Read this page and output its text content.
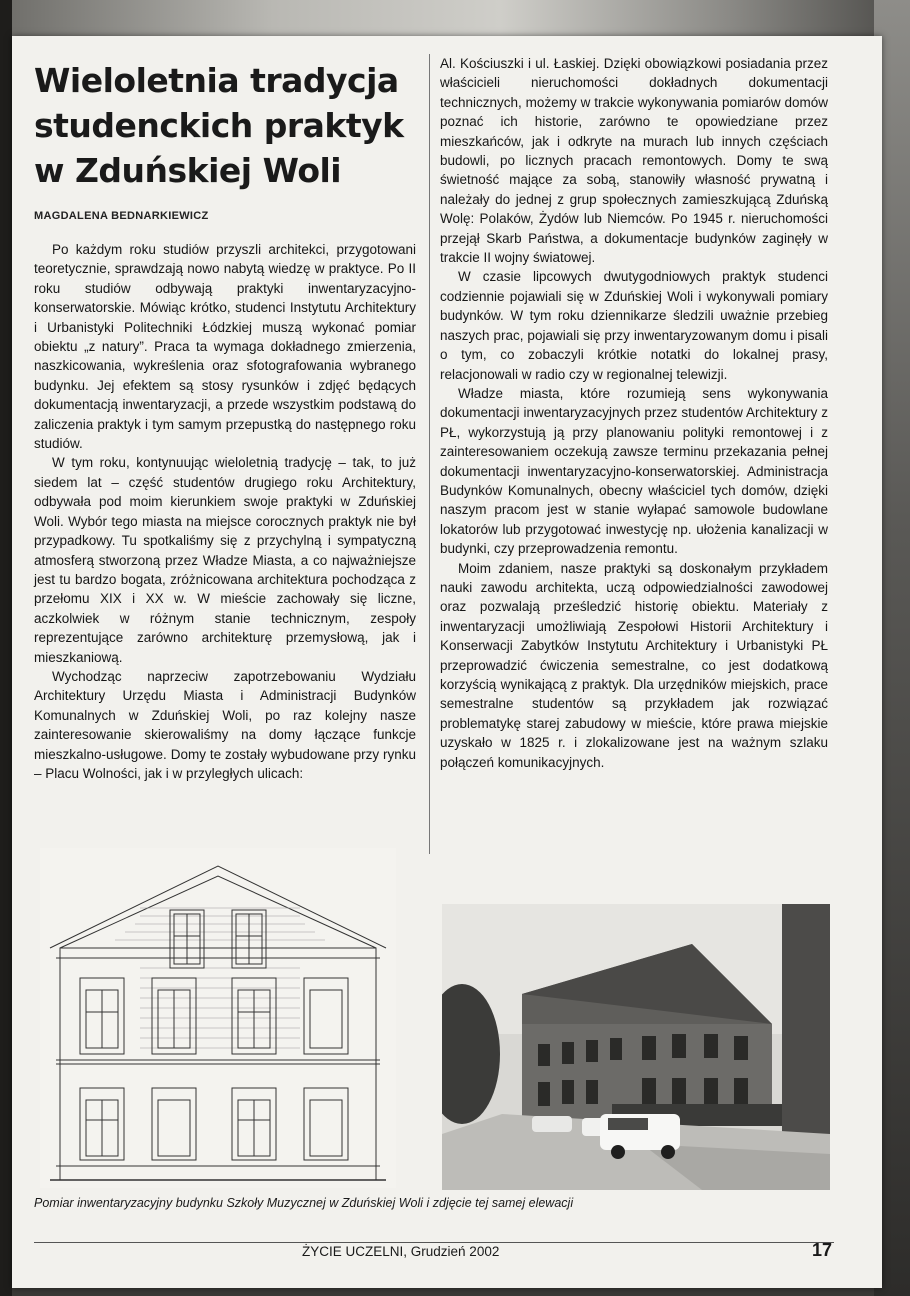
Wieloletnia tradycja studenckich praktyk w Zduńskiej Woli

MAGDALENA BEDNARKIEWICZ

Po każdym roku studiów przyszli architekci, przygotowani teoretycznie, sprawdzają nowo nabytą wiedzę w praktyce. Po II roku studiów odbywają praktyki inwentaryzacyjno-konserwatorskie. Mówiąc krótko, studenci Instytutu Architektury i Urbanistyki Politechniki Łódzkiej muszą wykonać pomiar obiektu „z natury”. Praca ta wymaga dokładnego zmierzenia, naszkicowania, wykreślenia oraz sfotografowania wybranego budynku. Jej efektem są stosy rysunków i zdjęć będących dokumentacją inwentaryzacji, a przede wszystkim podstawą do zaliczenia praktyk i tym samym przepustką do następnego roku studiów.

W tym roku, kontynuując wieloletnią tradycję – tak, to już siedem lat – część studentów drugiego roku Architektury, odbywała pod moim kierunkiem swoje praktyki w Zduńskiej Woli. Wybór tego miasta na miejsce corocznych praktyk nie był przypadkowy. Tu spotkaliśmy się z przychylną i sympatyczną atmosferą stworzoną przez Władze Miasta, a co najważniejsze jest tu bardzo bogata, zróżnicowana architektura pochodząca z przełomu XIX i XX w. W mieście zachowały się liczne, aczkolwiek w różnym stanie technicznym, zespoły reprezentujące zarówno architekturę przemysłową, jak i mieszkaniową.

Wychodząc naprzeciw zapotrzebowaniu Wydziału Architektury Urzędu Miasta i Administracji Budynków Komunalnych w Zduńskiej Woli, po raz kolejny nasze zainteresowanie skierowaliśmy na domy łączące funkcje mieszkalno-usługowe. Domy te zostały wybudowane przy rynku – Placu Wolności, jak i w przyległych ulicach:

Al. Kościuszki i ul. Łaskiej. Dzięki obowiązkowi posiadania przez właścicieli nieruchomości dokładnych dokumentacji technicznych, możemy w trakcie wykonywania pomiarów domów poznać ich historie, zarówno te opowiedziane przez mieszkańców, jak i odkryte na murach lub innych częściach budowli, po licznych pracach remontowych. Domy te swą świetność mające za sobą, stanowiły własność prywatną i należały do jednej z grup społecznych zamieszkującą Zduńską Wolę: Polaków, Żydów lub Niemców. Po 1945 r. nieruchomości przejął Skarb Państwa, a dokumentacje budynków zaginęły w trakcie II wojny światowej.

W czasie lipcowych dwutygodniowych praktyk studenci codziennie pojawiali się w Zduńskiej Woli i wykonywali pomiary budynków. W tym roku dziennikarze śledzili uważnie przebieg naszych prac, pojawiali się przy inwentaryzowanym domu i pisali o tym, co zobaczyli krótkie notatki do lokalnej prasy, relacjonowali w radio czy w regionalnej telewizji.

Władze miasta, które rozumieją sens wykonywania dokumentacji inwentaryzacyjnych przez studentów Architektury z PŁ, wykorzystują ją przy planowaniu polityki remontowej i z zainteresowaniem oczekują zawsze terminu przekazania pełnej dokumentacji inwentaryzacyjno-konserwatorskiej. Administracja Budynków Komunalnych, obecny właściciel tych domów, dzięki naszym pracom jest w stanie wyłapać samowole budowlane lokatorów lub przygotować inwestycję np. ułożenia kanalizacji w budynki, czy przeprowadzenia remontu.

Moim zdaniem, nasze praktyki są doskonałym przykładem nauki zawodu architekta, uczą odpowiedzialności zawodowej oraz pozwalają prześledzić historię obiektu. Materiały z inwentaryzacji umożliwiają Zespołowi Historii Architektury i Konserwacji Zabytków Instytutu Architektury i Urbanistyki PŁ przeprowadzić ćwiczenia semestralne, co jest dodatkową korzyścią wynikającą z praktyk. Dla urzędników miejskich, prace semestralne studentów są przykładem jak rozwiązać problematykę starej zabudowy w mieście, które prawa miejskie uzyskało w 1825 r. i zlokalizowane jest na ważnym szlaku połączeń komunikacyjnych.

Pomiar inwentaryzacyjny budynku Szkoły Muzycznej w Zduńskiej Woli i zdjęcie tej samej elewacji

ŻYCIE UCZELNI, Grudzień 2002	17
